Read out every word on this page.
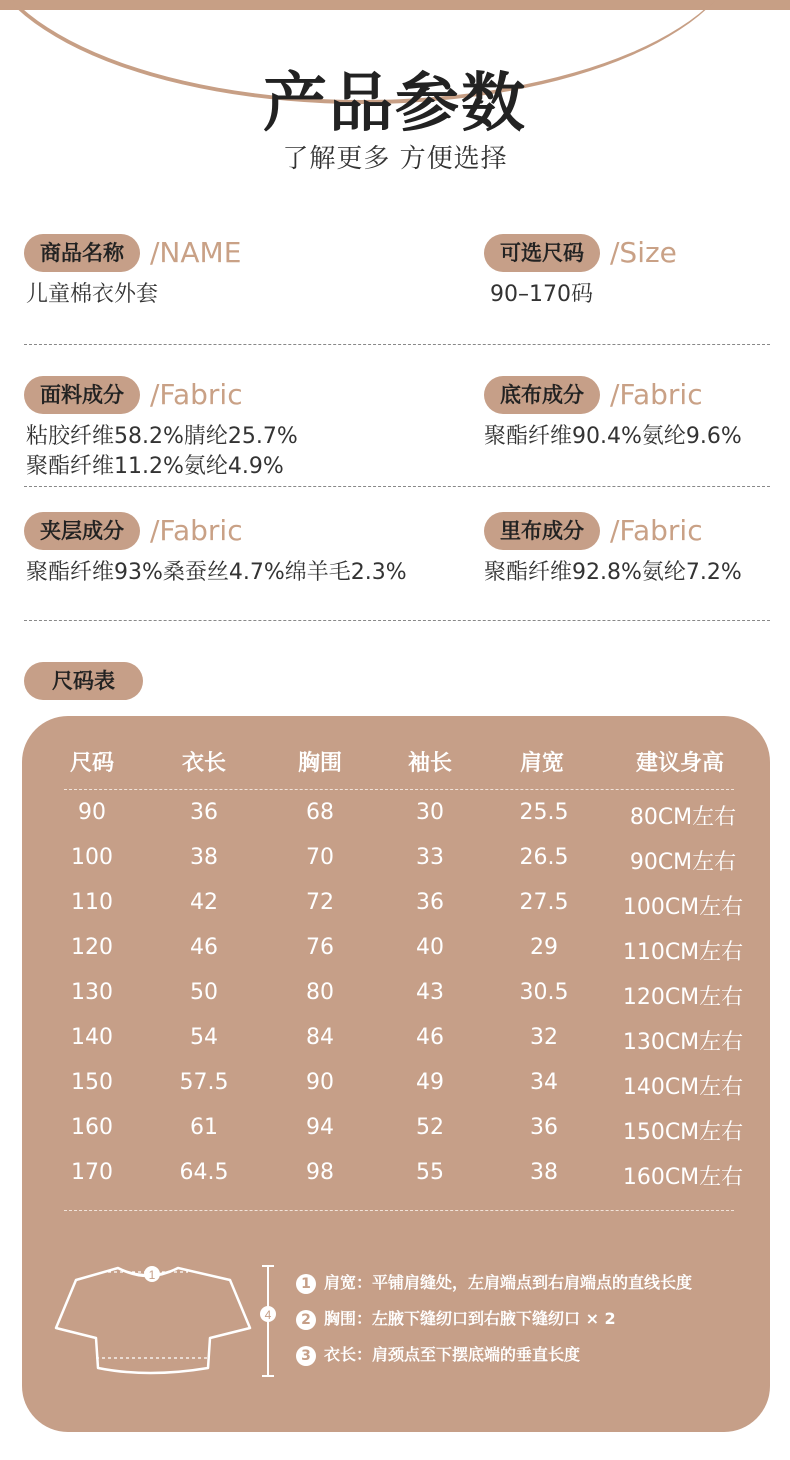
产品参数
了解更多 方便选择
商品名称 /NAME
儿童棉衣外套
可选尺码 /Size
90–170码
面料成分 /Fabric
粘胶纤维58.2%腈纶25.7%
聚酯纤维11.2%氨纶4.9%
底布成分 /Fabric
聚酯纤维90.4%氨纶9.6%
夹层成分 /Fabric
聚酯纤维93%桑蚕丝4.7%绵羊毛2.3%
里布成分 /Fabric
聚酯纤维92.8%氨纶7.2%
尺码表
尺码	衣长	胸围	袖长	肩宽	建议身高
90	36	68	30	25.5	80CM左右
100	38	70	33	26.5	90CM左右
110	42	72	36	27.5	100CM左右
120	46	76	40	29	110CM左右
130	50	80	43	30.5	120CM左右
140	54	84	46	32	130CM左右
150	57.5	90	49	34	140CM左右
160	61	94	52	36	150CM左右
170	64.5	98	55	38	160CM左右
1
4
1 肩宽：平铺肩缝处，左肩端点到右肩端点的直线长度
2 胸围：左腋下缝纫口到右腋下缝纫口 × 2
3 衣长：肩颈点至下摆底端的垂直长度
